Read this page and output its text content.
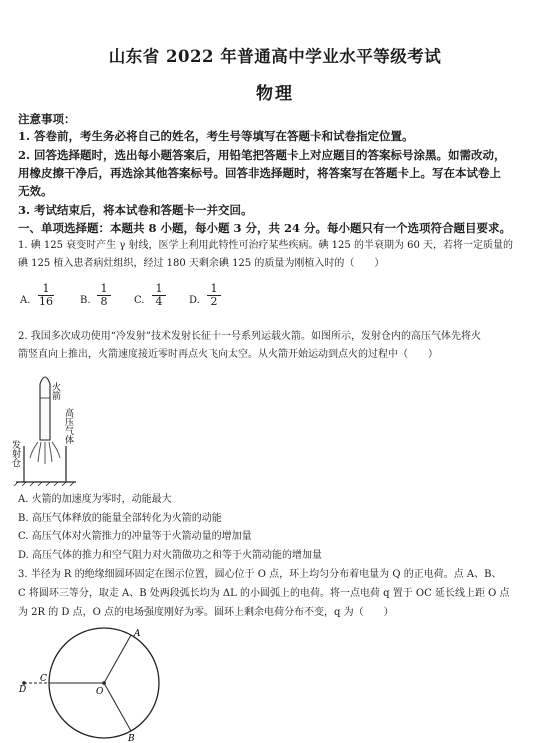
山东省 2022 年普通高中学业水平等级考试
物理
注意事项：
1. 答卷前，考生务必将自己的姓名，考生号等填写在答题卡和试卷指定位置。
2. 回答选择题时，选出每小题答案后，用铅笔把答题卡上对应题目的答案标号涂黑。如需改动，
用橡皮擦干净后，再选涂其他答案标号。回答非选择题时，将答案写在答题卡上。写在本试卷上
无效。
3. 考试结束后，将本试卷和答题卡一并交回。
一、单项选择题：本题共 8 小题，每小题 3 分，共 24 分。每小题只有一个选项符合题目要求。
1. 碘 125 衰变时产生 γ 射线，医学上利用此特性可治疗某些疾病。碘 125 的半衰期为 60 天，若将一定质量的
碘 125 植入患者病灶组织，经过 180 天剩余碘 125 的质量为刚植入时的（　　）
A. $\frac{1}{16}$	B. $\frac{1}{8} C$. $\frac{1}{4} D$. $\frac{1}{2}$
2. 我国多次成功使用“冷发射”技术发射长征十一号系列运载火箭。如图所示，发射仓内的高压气体先将火
箭竖直向上推出，火箭速度接近零时再点火飞向太空。从火箭开始运动到点火的过程中（　　）
火箭
高压气体
发射仓
A. 火箭的加速度为零时，动能最大
B. 高压气体释放的能量全部转化为火箭的动能
C. 高压气体对火箭推力的冲量等于火箭动量的增加量
D. 高压气体的推力和空气阻力对火箭做功之和等于火箭动能的增加量
3. 半径为 R 的绝缘细圆环固定在图示位置，圆心位于 O 点，环上均匀分布着电量为 Q 的正电荷。点 A、B、
C 将圆环三等分，取走 A、B 处两段弧长均为 ΔL 的小圆弧上的电荷。将一点电荷 q 置于 OC 延长线上距 O 点
为 2R 的 D 点，O 点的电场强度刚好为零。圆环上剩余电荷分布不变，q 为（　　）
D
C
O
A
B
